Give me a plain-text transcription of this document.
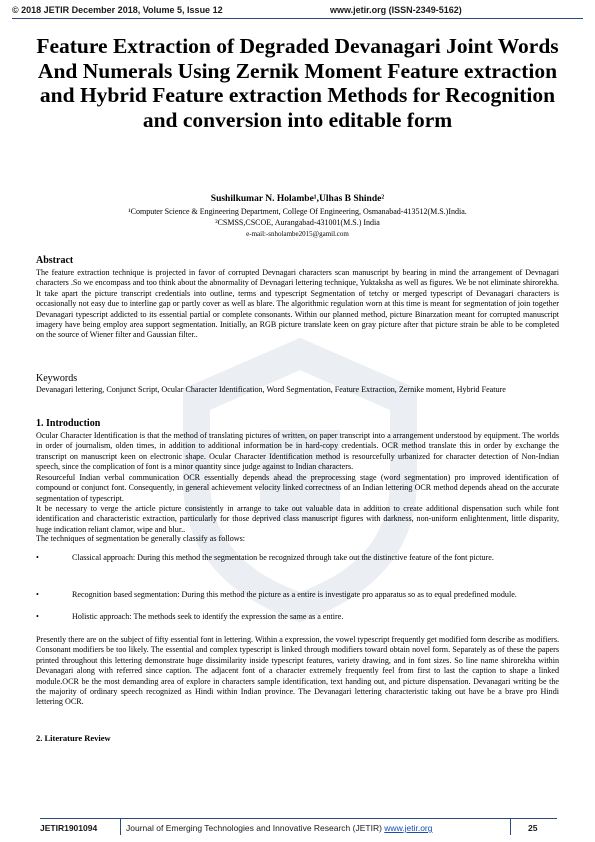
© 2018 JETIR December 2018, Volume 5, Issue 12	www.jetir.org (ISSN-2349-5162)
Feature Extraction of Degraded Devanagari Joint Words And Numerals Using Zernik Moment Feature extraction and Hybrid Feature extraction Methods for Recognition and conversion into editable form
Sushilkumar N. Holambe¹,Ulhas B Shinde²
¹Computer Science & Engineering Department, College Of Engineering, Osmanabad-413512(M.S.)India.
²CSMSS,CSCOE, Aurangabad-431001(M.S.) India
e-mail:-snholambe2015@gamil.com
Abstract
The feature extraction technique is projected in favor of corrupted Devnagari characters scan manuscript by bearing in mind the arrangement of Devnagari characters .So we encompass and too think about the abnormality of Devnagari lettering technique, Yuktaksha as well as figures. We be not eliminate shirorekha. It take apart the picture transcript credentials into outline, terms and typescript Segmentation of tetchy or merged typescript of Devanagari characters is occasionally not easy due to interline gap or partly cover as well as blare. The algorithmic regulation worn at this time is meant for segmentation of join together Devanagari typescript addicted to its essential partial or complete consonants. Within our planned method, picture Binarzation meant for corrupted manuscript imagery have being employ area support segmentation. Initially, an RGB picture translate keen on gray picture after that picture strain be able to be completed on the source of Wiener filter and Gaussian filter..
Keywords
Devanagari lettering, Conjunct Script, Ocular Character Identification, Word Segmentation, Feature Extraction, Zernike moment, Hybrid Feature
1. Introduction
Ocular Character Identification is that the method of translating pictures of written, on paper transcript into a arrangement understood by equipment. The worlds in order of journalism, olden times, in addition to additional information be in hard-copy credentials. OCR method translate this in order by exchange the transcript on manuscript keen on electronic shape. Ocular Character Identification method is resourcefully urbanized for character detection of Non-Indian speech, since the complication of font is a minor quantity since judge against to Indian characters.
Resourceful Indian verbal communication OCR essentially depends ahead the preprocessing stage (word segmentation) pro improved identification of compound or conjunct font. Consequently, in general achievement velocity linked correctness of an Indian lettering OCR method depends ahead on the accurate segmentation of typescript.
It be necessary to verge the article picture consistently in arrange to take out valuable data in addition to create additional dispensation such while font identification and characteristic extraction, particularly for those deprived class manuscript figures with darkness, non-uniform enlightenment, little disparity, huge indication reliant clamor, wipe and blur..
The techniques of segmentation be generally classify as follows:
•	Classical approach: During this method the segmentation be recognized through take out the distinctive feature of the font picture.
•	Recognition based segmentation: During this method the picture as a entire is investigate pro apparatus so as to equal predefined module.
•	Holistic approach: The methods seek to identify the expression the same as a entire.
Presently there are on the subject of fifty essential font in lettering. Within a expression, the vowel typescript frequently get modified form describe as modifiers. Consonant modifiers be too likely. The essential and complex typescript is linked through modifiers toward obtain novel form. Separately as of these the papers printed throughout this lettering demonstrate huge dissimilarity inside typescript features, variety drawing, and in font sizes. So line name shirorekha within Devanagari along with referred since caption. The adjacent font of a character extremely frequently feel from first to last the caption to shape a linked module.OCR be the most demanding area of explore in characters sample identification, text handing out, and picture dispensation. Devanagari writing be the the majority of ordinary speech recognized as Hindi within Indian province. The Devanagari lettering characteristic taking out have be a brave pro Hindi lettering OCR.
2. Literature Review
JETIR1901094	Journal of Emerging Technologies and Innovative Research (JETIR) www.jetir.org	25
